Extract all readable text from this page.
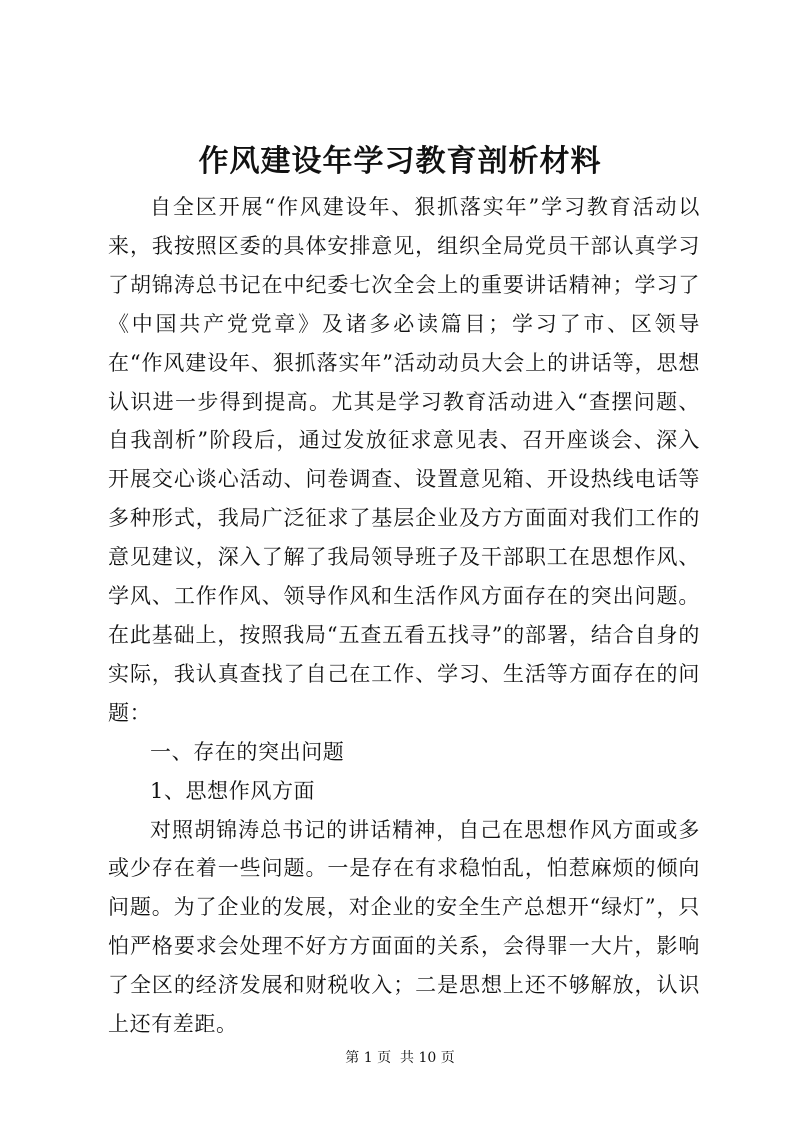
作风建设年学习教育剖析材料

自全区开展“作风建设年、狠抓落实年”学习教育活动以来，我按照区委的具体安排意见，组织全局党员干部认真学习了胡锦涛总书记在中纪委七次全会上的重要讲话精神；学习了《中国共产党党章》及诸多必读篇目；学习了市、区领导在“作风建设年、狠抓落实年”活动动员大会上的讲话等，思想认识进一步得到提高。尤其是学习教育活动进入“查摆问题、自我剖析”阶段后，通过发放征求意见表、召开座谈会、深入开展交心谈心活动、问卷调查、设置意见箱、开设热线电话等多种形式，我局广泛征求了基层企业及方方面面对我们工作的意见建议，深入了解了我局领导班子及干部职工在思想作风、学风、工作作风、领导作风和生活作风方面存在的突出问题。在此基础上，按照我局“五查五看五找寻”的部署，结合自身的实际，我认真查找了自己在工作、学习、生活等方面存在的问题：

一、存在的突出问题

1、思想作风方面

对照胡锦涛总书记的讲话精神，自己在思想作风方面或多或少存在着一些问题。一是存在有求稳怕乱，怕惹麻烦的倾向问题。为了企业的发展，对企业的安全生产总想开“绿灯”，只怕严格要求会处理不好方方面面的关系，会得罪一大片，影响了全区的经济发展和财税收入；二是思想上还不够解放，认识上还有差距。

第 1 页  共 10 页
